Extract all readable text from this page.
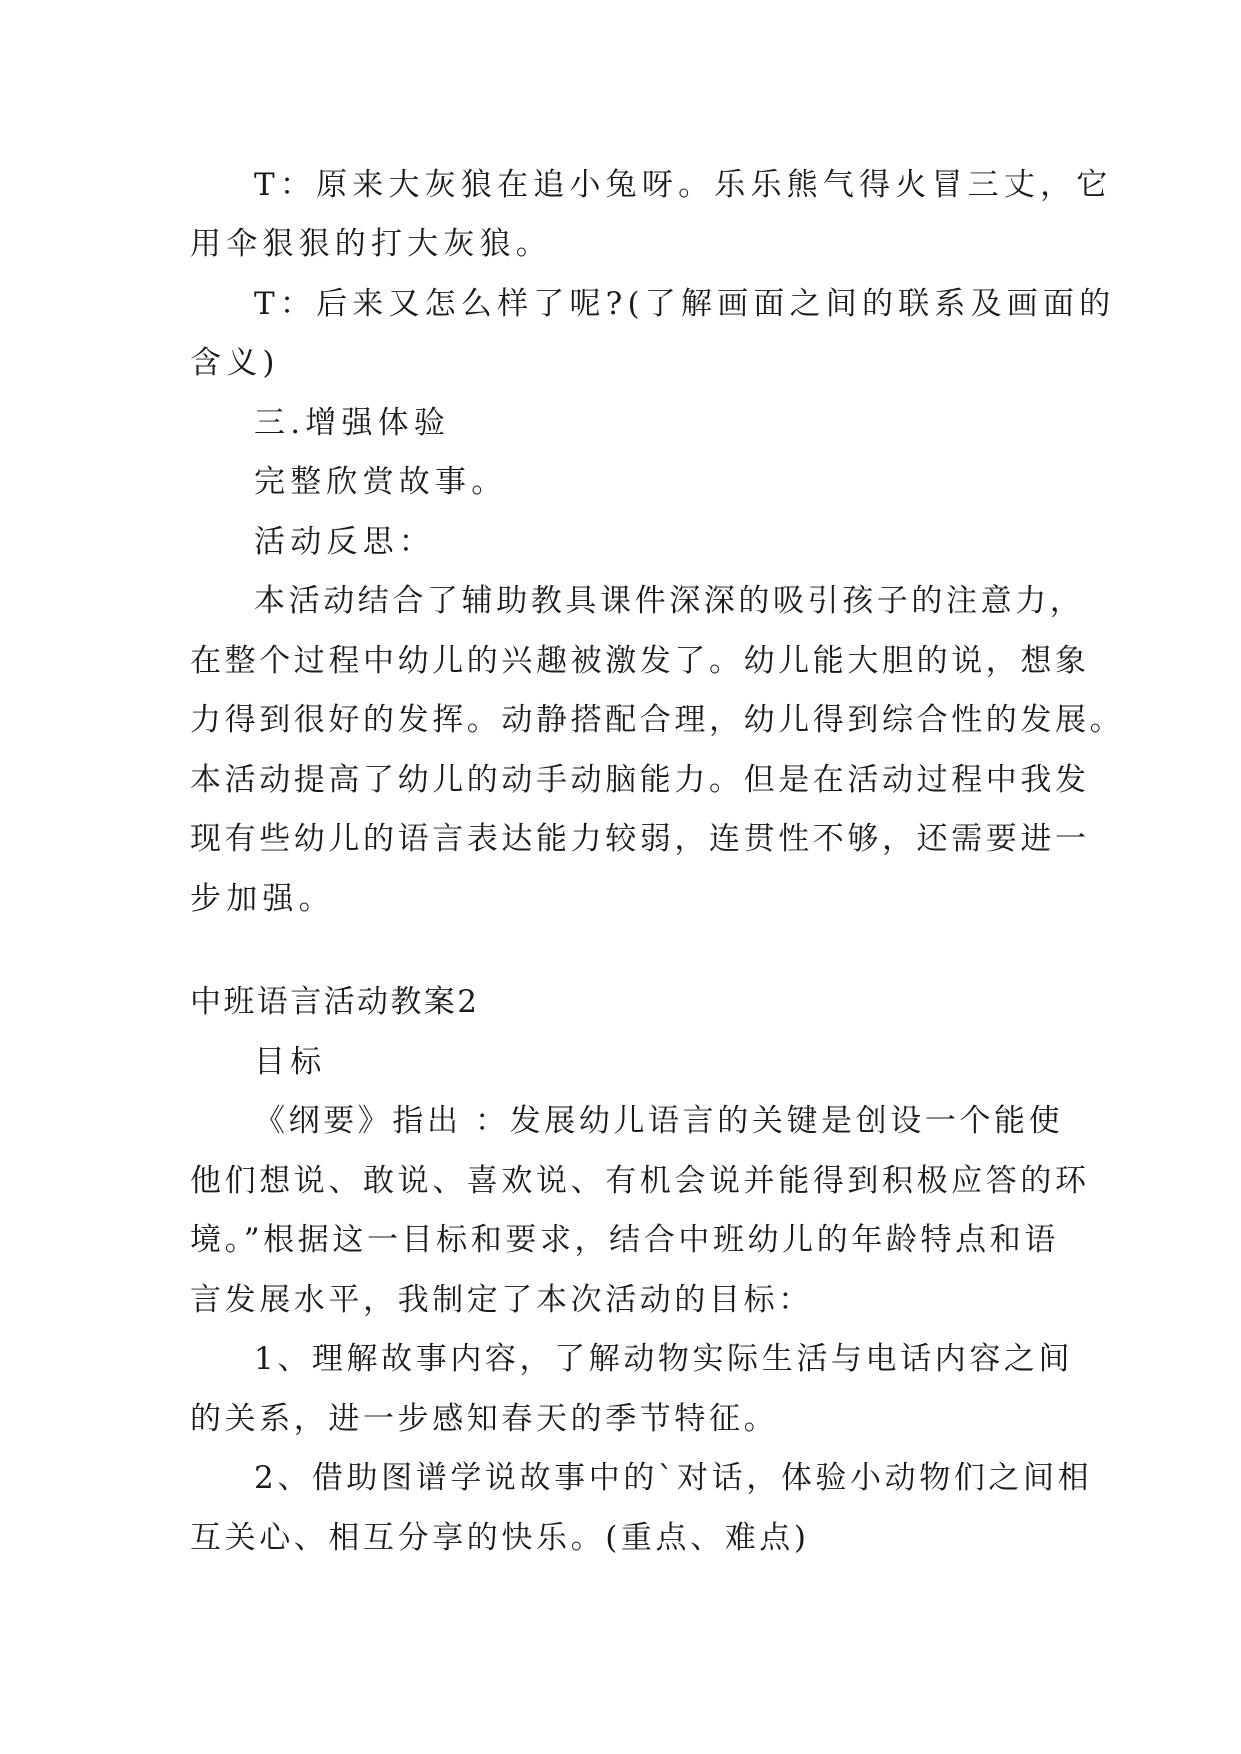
T：原来大灰狼在追小兔呀。乐乐熊气得火冒三丈，它
用伞狠狠的打大灰狼。
T：后来又怎么样了呢?(了解画面之间的联系及画面的
含义)
三.增强体验
完整欣赏故事。
活动反思：
本活动结合了辅助教具课件深深的吸引孩子的注意力，
在整个过程中幼儿的兴趣被激发了。幼儿能大胆的说，想象
力得到很好的发挥。动静搭配合理，幼儿得到综合性的发展。
本活动提高了幼儿的动手动脑能力。但是在活动过程中我发
现有些幼儿的语言表达能力较弱，连贯性不够，还需要进一
步加强。
中班语言活动教案2
目标
《纲要》指出 ：发展幼儿语言的关键是创设一个能使
他们想说、敢说、喜欢说、有机会说并能得到积极应答的环
境。”根据这一目标和要求，结合中班幼儿的年龄特点和语
言发展水平，我制定了本次活动的目标：
1、理解故事内容，了解动物实际生活与电话内容之间
的关系，进一步感知春天的季节特征。
2、借助图谱学说故事中的`对话，体验小动物们之间相
互关心、相互分享的快乐。(重点、难点)
